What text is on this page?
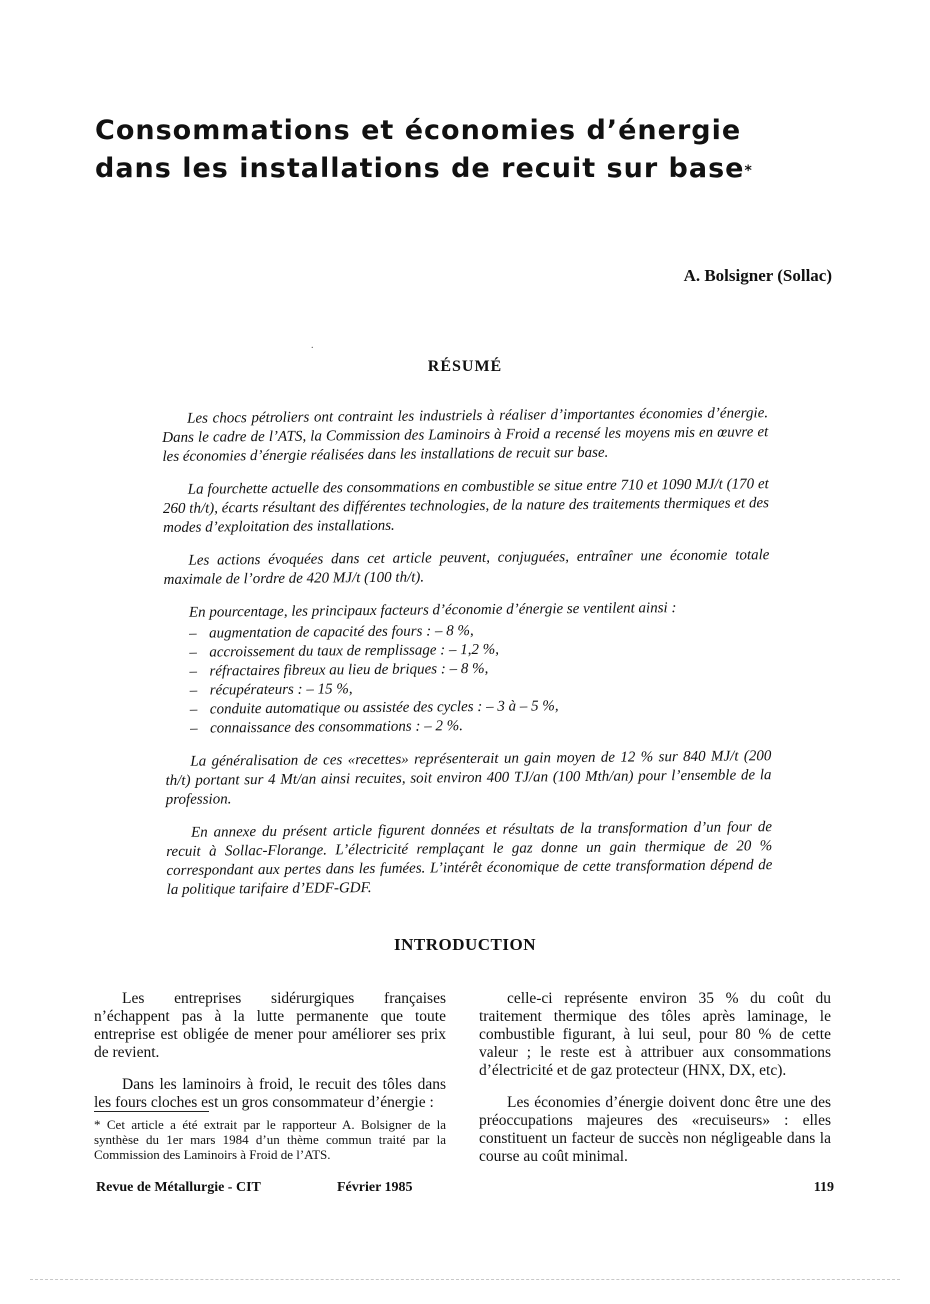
Consommations et économies d’énergie
dans les installations de recuit sur base*
A. Bolsigner (Sollac)
.
RÉSUMÉ

Les chocs pétroliers ont contraint les industriels à réaliser d’importantes économies d’énergie. Dans le cadre de l’ATS, la Commission des Laminoirs à Froid a recensé les moyens mis en œuvre et les économies d’énergie réalisées dans les installations de recuit sur base.

La fourchette actuelle des consommations en combustible se situe entre 710 et 1090 MJ/t (170 et 260 th/t), écarts résultant des différentes technologies, de la nature des traitements thermiques et des modes d’exploitation des installations.

Les actions évoquées dans cet article peuvent, conjuguées, entraîner une économie totale maximale de l’ordre de 420 MJ/t (100 th/t).

En pourcentage, les principaux facteurs d’économie d’énergie se ventilent ainsi :

– augmentation de capacité des fours : – 8 %,
– accroissement du taux de remplissage : – 1,2 %,
– réfractaires fibreux au lieu de briques : – 8 %,
– récupérateurs : – 15 %,
– conduite automatique ou assistée des cycles : – 3 à – 5 %,
– connaissance des consommations : – 2 %.

La généralisation de ces «recettes» représenterait un gain moyen de 12 % sur 840 MJ/t (200 th/t) portant sur 4 Mt/an ainsi recuites, soit environ 400 TJ/an (100 Mth/an) pour l’ensemble de la profession.

En annexe du présent article figurent données et résultats de la transformation d’un four de recuit à Sollac-Florange. L’électricité remplaçant le gaz donne un gain thermique de 20 % correspondant aux pertes dans les fumées. L’intérêt économique de cette transformation dépend de la politique tarifaire d’EDF-GDF.

INTRODUCTION

Les entreprises sidérurgiques françaises n’échappent pas à la lutte permanente que toute entreprise est obligée de mener pour améliorer ses prix de revient.

Dans les laminoirs à froid, le recuit des tôles dans les fours cloches est un gros consommateur d’énergie :

celle-ci représente environ 35 % du coût du traitement thermique des tôles après laminage, le combustible figurant, à lui seul, pour 80 % de cette valeur ; le reste est à attribuer aux consommations d’électricité et de gaz protecteur (HNX, DX, etc).

Les économies d’énergie doivent donc être une des préoccupations majeures des «recuiseurs» : elles constituent un facteur de succès non négligeable dans la course au coût minimal.

* Cet article a été extrait par le rapporteur A. Bolsigner de la synthèse du 1er mars 1984 d’un thème commun traité par la Commission des Laminoirs à Froid de l’ATS.
Revue de Métallurgie - CIT	Février 1985	119
